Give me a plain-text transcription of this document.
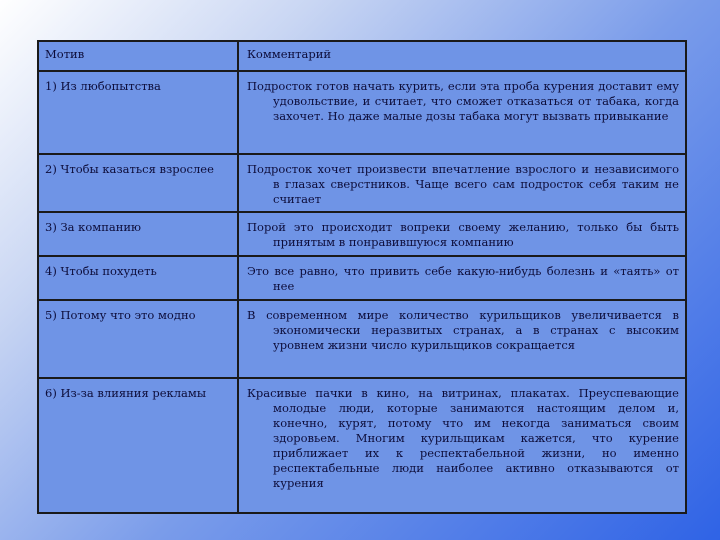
Мотив	Комментарий
1) Из любопытства	Подросток готов начать курить, если эта проба курения доставит ему удовольствие, и считает, что сможет отказаться от табака, когда захочет. Но даже малые дозы табака могут вызвать привыкание

2) Чтобы казаться взрослее	Подросток хочет произвести впечатление взрослого и независимого в глазах сверстников. Чаще всего сам подросток себя таким не считает

3) За компанию	Порой это происходит вопреки своему желанию, только бы быть принятым в понравившуюся компанию

4) Чтобы похудеть	Это все равно, что привить себе какую-нибудь болезнь и «таять» от нее

5) Потому что это модно	В современном мире количество курильщиков увеличивается в экономически неразвитых странах, а в странах с высоким уровнем жизни число курильщиков сокращается

6) Из-за влияния рекламы	Красивые пачки в кино, на витринах, плакатах. Преуспевающие молодые люди, которые занимаются настоящим делом и, конечно, курят, потому что им некогда заниматься своим здоровьем. Многим курильщикам кажется, что курение приближает их к респектабельной жизни, но именно респектабельные люди наиболее активно отказываются от курения
